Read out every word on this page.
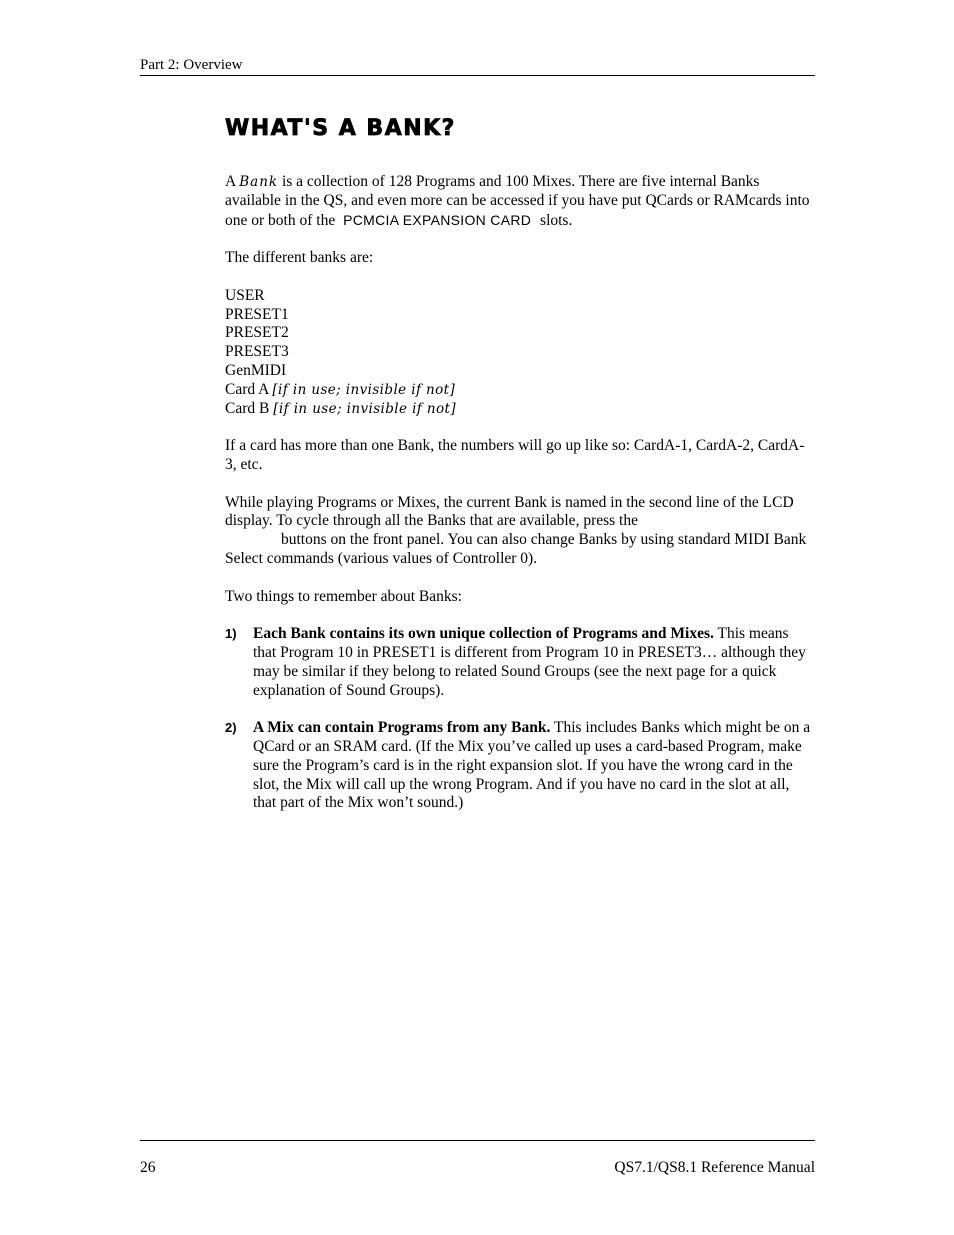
Part 2: Overview
WHAT'S A BANK?

A Bank is a collection of 128 Programs and 100 Mixes. There are five internal Banks available in the QS, and even more can be accessed if you have put QCards or RAMcards into one or both of the PCMCIA EXPANSION CARD slots.

The different banks are:

USER
PRESET1
PRESET2
PRESET3
GenMIDI
Card A [if in use; invisible if not]
Card B [if in use; invisible if not]

If a card has more than one Bank, the numbers will go up like so: CardA-1, CardA-2, CardA-3, etc.

While playing Programs or Mixes, the current Bank is named in the second line of the LCD display. To cycle through all the Banks that are available, press the
buttons on the front panel. You can also change Banks by using standard MIDI Bank Select commands (various values of Controller 0).

Two things to remember about Banks:

1) Each Bank contains its own unique collection of Programs and Mixes. This means that Program 10 in PRESET1 is different from Program 10 in PRESET3… although they may be similar if they belong to related Sound Groups (see the next page for a quick explanation of Sound Groups).
2) A Mix can contain Programs from any Bank. This includes Banks which might be on a QCard or an SRAM card. (If the Mix you’ve called up uses a card-based Program, make sure the Program’s card is in the right expansion slot. If you have the wrong card in the slot, the Mix will call up the wrong Program. And if you have no card in the slot at all, that part of the Mix won’t sound.)
26	QS7.1/QS8.1 Reference Manual
